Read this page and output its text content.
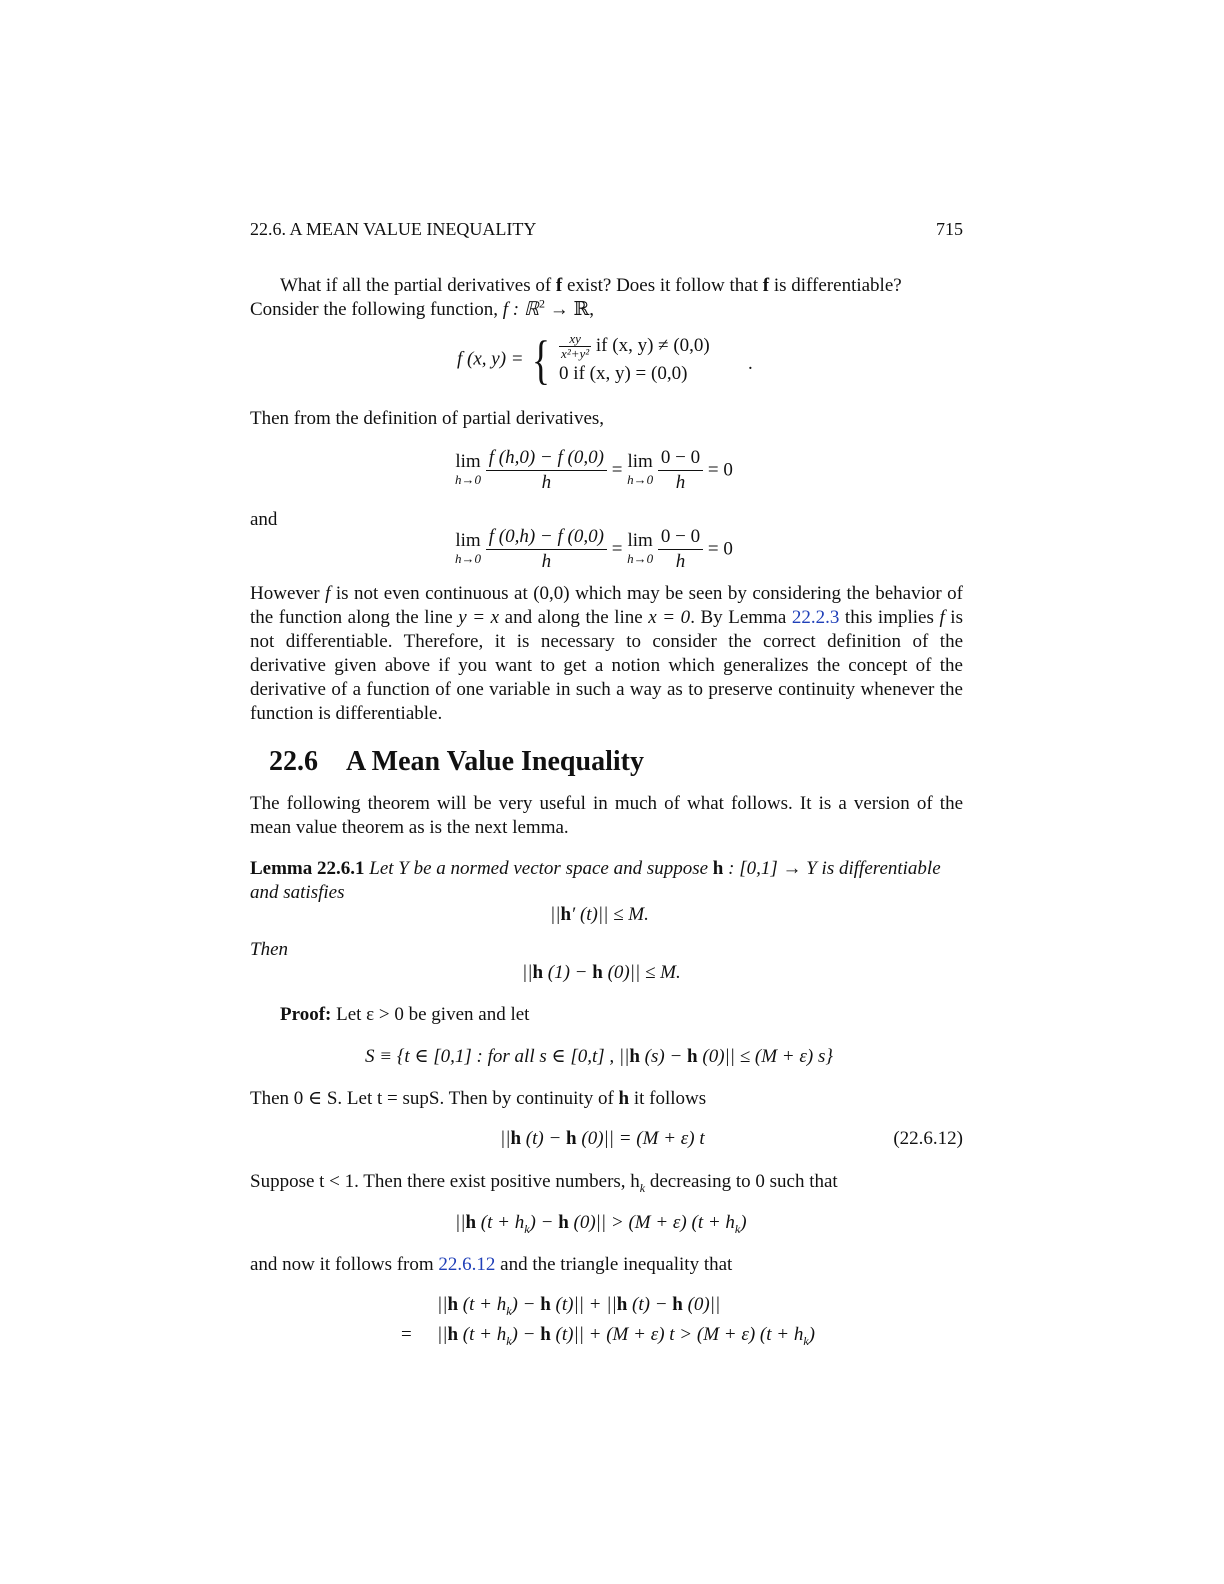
22.6. A MEAN VALUE INEQUALITY	715
What if all the partial derivatives of f exist? Does it follow that f is differentiable?
Consider the following function, f : ℝ$^2$ → ℝ,
f (x, y) = { $\frac{xy}{\text{x²+y²}}$ if (x, y) ≠ (0,0)
0 if (x, y) = (0,0)	.
Then from the definition of partial derivatives,
lim
h→0
$\frac{f (h,0) - f (0,0)}{h} = \lim$
h→0
$\frac{0 - 0}{h} = 0$
and
lim
h→0
$\frac{f (0,h) - f (0,0)}{h} = \lim$
h→0
$\frac{0 - 0}{h} = 0$
However f is not even continuous at (0,0) which may be seen by considering the behavior of the function along the line y = x and along the line x = 0. By Lemma 22.2.3 this implies f is not differentiable. Therefore, it is necessary to consider the correct definition of the derivative given above if you want to get a notion which generalizes the concept of the derivative of a function of one variable in such a way as to preserve continuity whenever the function is differentiable.
22.6 A Mean Value Inequality
The following theorem will be very useful in much of what follows. It is a version of the mean value theorem as is the next lemma.
Lemma 22.6.1 Let Y be a normed vector space and suppose h : [0,1] → Y is differentiable
and satisfies
||h′ (t)|| ≤ M.
Then
||h (1) − h (0)|| ≤ M.
Proof: Let ε > 0 be given and let
S ≡ {t ∈ [0,1] : for all s ∈ [0,t] , ||h (s) − h (0)|| ≤ (M + ε) s}
Then 0 ∈ S. Let t = supS. Then by continuity of h it follows
||h (t) − h (0)|| = (M + ε) t	(22.6.12)
Suppose t < 1. Then there exist positive numbers, $h_k$ decreasing to 0 such that
||h $(t + h_k) - h$ (0)|| > (M + ε) $(t + h_k)$
and now it follows from 22.6.12 and the triangle inequality that
||h $(t + h_k) - h$ (t)|| + ||h (t) − h (0)||
= ||h $(t + h_k) - h$ (t)|| + (M + ε) t > (M + ε) $(t + h_k)$
